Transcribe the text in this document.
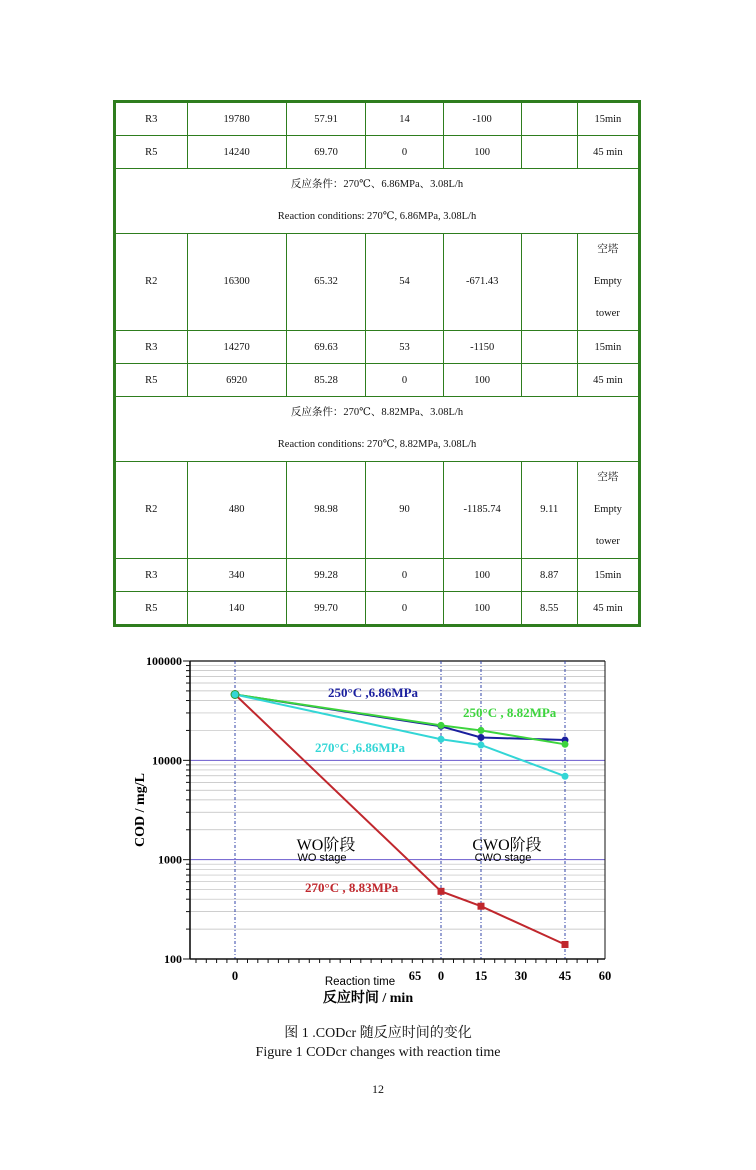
R3	19780	57.91	14	-100		15min
R5	14240	69.70	0	100		45 min

反应条件：270℃、6.86MPa、3.08L/h
Reaction conditions: 270℃, 6.86MPa, 3.08L/h						

R2	16300	65.32	54	-671.43		空塔
Empty
tower

R3	14270	69.63	53	-1150		15min
R5	6920	85.28	0	100		45 min

反应条件：270℃、8.82MPa、3.08L/h
Reaction conditions: 270℃, 8.82MPa, 3.08L/h						

R2	480	98.98	90	-1185.74	9.11	空塔
Empty
tower

R3	340	99.28	0	100	8.87	15min
R5	140	99.70	0	100	8.55	45 min
100
1000
10000
100000
0	65 0 15 30	45 60
COD / mg/L
Reaction time
反应时间 / min
WO阶段
WO stage
CWO阶段
CWO stage
250°C ,6.86MPa
250°C , 8.82MPa
270°C ,6.86MPa
270°C , 8.83MPa
图 1 .CODcr 随反应时间的变化
Figure 1 CODcr changes with reaction time
12
